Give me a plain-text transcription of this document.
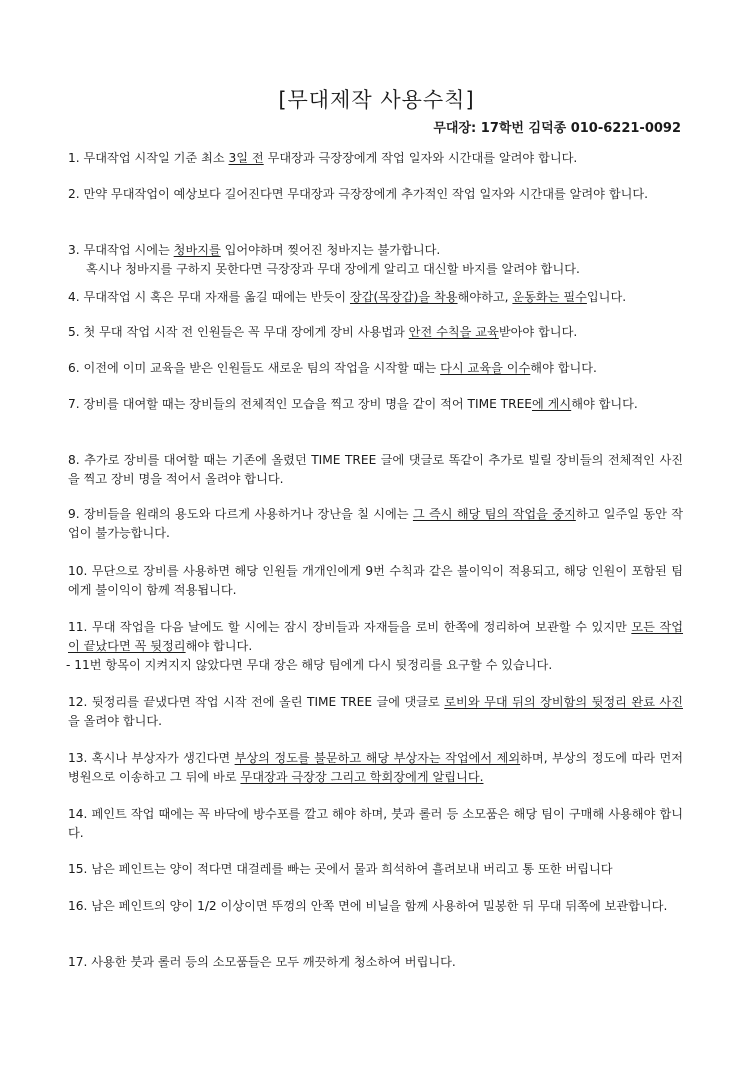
[무대제작 사용수칙]
무대장: 17학번 김덕종 010-6221-0092
1. 무대작업 시작일 기준 최소 3일 전 무대장과 극장장에게 작업 일자와 시간대를 알려야 합니다.
2. 만약 무대작업이 예상보다 길어진다면 무대장과 극장장에게 추가적인 작업 일자와 시간대를 알려야 합니다.
3. 무대작업 시에는 청바지를 입어야하며 찢어진 청바지는 불가합니다.
혹시나 청바지를 구하지 못한다면 극장장과 무대 장에게 알리고 대신할 바지를 알려야 합니다.
4. 무대작업 시 혹은 무대 자재를 옮길 때에는 반듯이 장갑(목장갑)을 착용해야하고, 운동화는 필수입니다.
5. 첫 무대 작업 시작 전 인원들은 꼭 무대 장에게 장비 사용법과 안전 수칙을 교육받아야 합니다.
6. 이전에 이미 교육을 받은 인원들도 새로운 팀의 작업을 시작할 때는 다시 교육을 이수해야 합니다.
7. 장비를 대여할 때는 장비들의 전체적인 모습을 찍고 장비 명을 같이 적어 TIME TREE에 게시해야 합니다.
8. 추가로 장비를 대여할 때는 기존에 올렸던 TIME TREE 글에 댓글로 똑같이 추가로 빌릴 장비들의 전체적인 사진을 찍고 장비 명을 적어서 올려야 합니다.
9. 장비들을 원래의 용도와 다르게 사용하거나 장난을 칠 시에는 그 즉시 해당 팀의 작업을 중지하고 일주일 동안 작업이 불가능합니다.
10. 무단으로 장비를 사용하면 해당 인원들 개개인에게 9번 수칙과 같은 불이익이 적용되고, 해당 인원이 포함된 팀에게 불이익이 함께 적용됩니다.
11. 무대 작업을 다음 날에도 할 시에는 잠시 장비들과 자재들을 로비 한쪽에 정리하여 보관할 수 있지만 모든 작업이 끝났다면 꼭 뒷정리해야 합니다.
- 11번 항목이 지켜지지 않았다면 무대 장은 해당 팀에게 다시 뒷정리를 요구할 수 있습니다.
12. 뒷정리를 끝냈다면 작업 시작 전에 올린 TIME TREE 글에 댓글로 로비와 무대 뒤의 장비함의 뒷정리 완료 사진을 올려야 합니다.
13. 혹시나 부상자가 생긴다면 부상의 정도를 불문하고 해당 부상자는 작업에서 제외하며, 부상의 정도에 따라 먼저 병원으로 이송하고 그 뒤에 바로 무대장과 극장장 그리고 학회장에게 알립니다.
14. 페인트 작업 때에는 꼭 바닥에 방수포를 깔고 해야 하며, 붓과 롤러 등 소모품은 해당 팀이 구매해 사용해야 합니다.
15. 남은 페인트는 양이 적다면 대걸레를 빠는 곳에서 물과 희석하여 흘려보내 버리고 통 또한 버립니다
16. 남은 페인트의 양이 1/2 이상이면 뚜껑의 안쪽 면에 비닐을 함께 사용하여 밀봉한 뒤 무대 뒤쪽에 보관합니다.
17. 사용한 붓과 롤러 등의 소모품들은 모두 깨끗하게 청소하여 버립니다.
